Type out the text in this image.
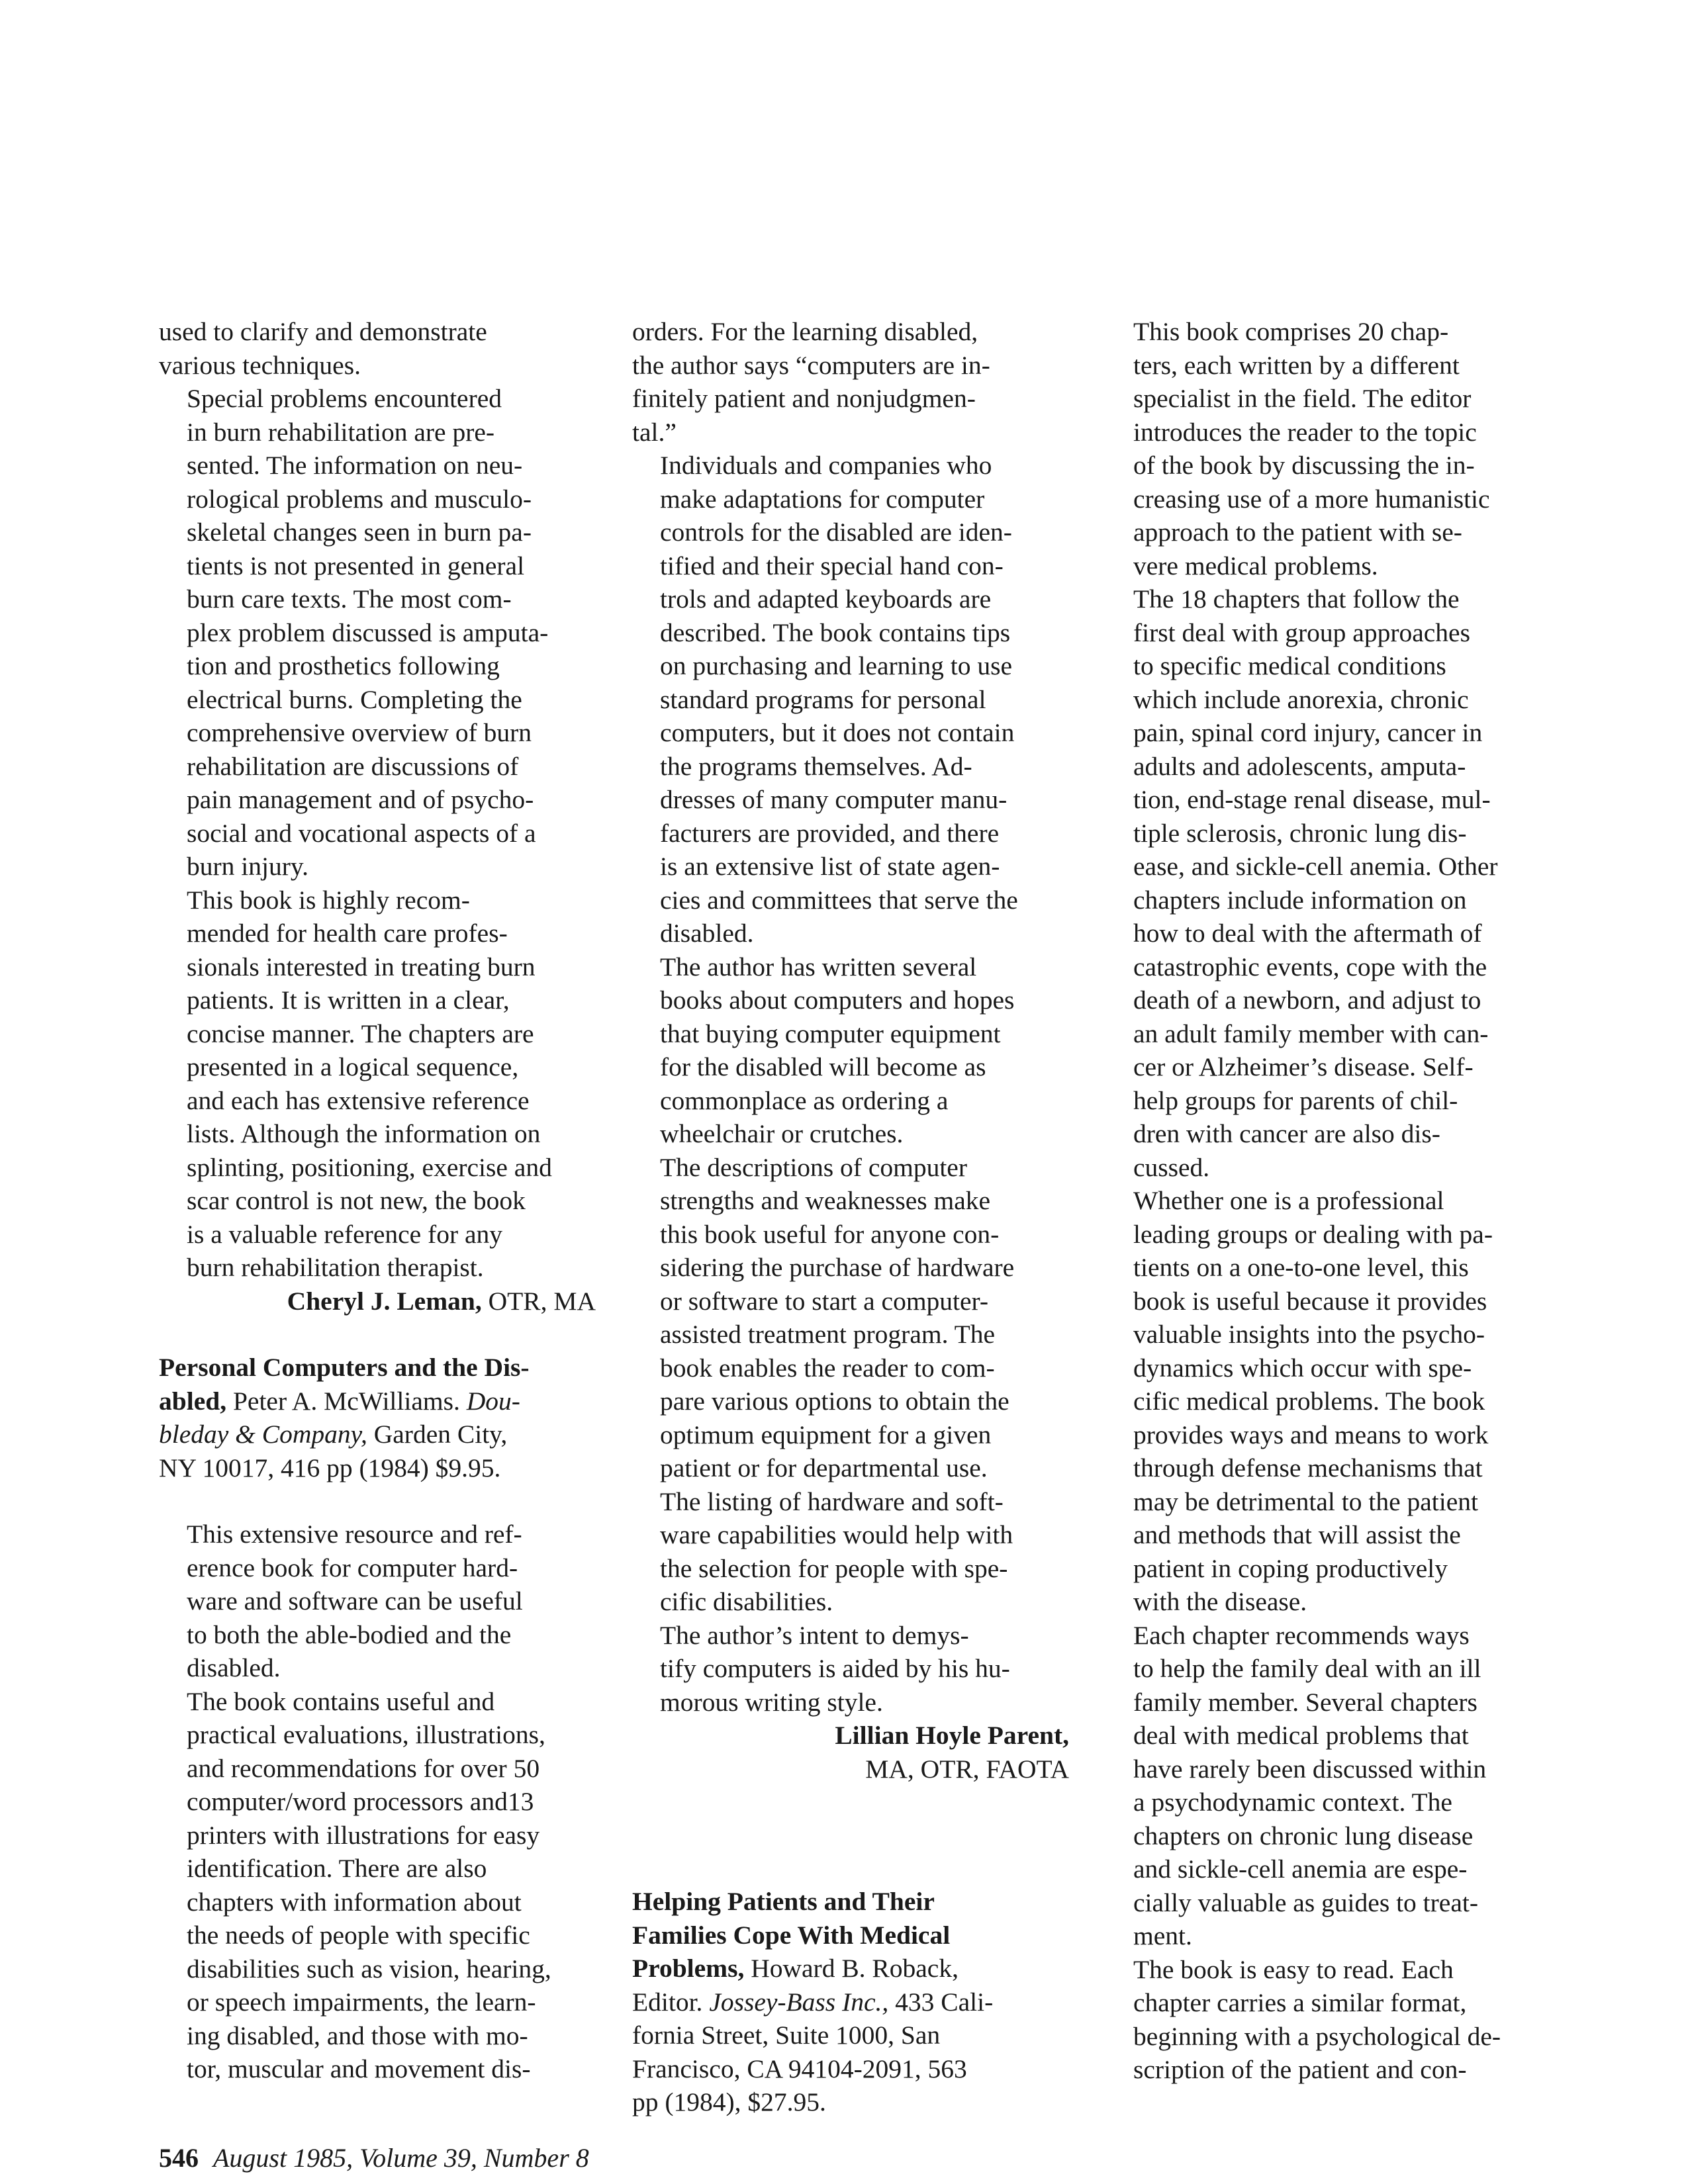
used to clarify and demonstrate
various techniques.

Special problems encountered
in burn rehabilitation are pre-
sented. The information on neu-
rological problems and musculo-
skeletal changes seen in burn pa-
tients is not presented in general
burn care texts. The most com-
plex problem discussed is amputa-
tion and prosthetics following
electrical burns. Completing the
comprehensive overview of burn
rehabilitation are discussions of
pain management and of psycho-
social and vocational aspects of a
burn injury.

This book is highly recom-
mended for health care profes-
sionals interested in treating burn
patients. It is written in a clear,
concise manner. The chapters are
presented in a logical sequence,
and each has extensive reference
lists. Although the information on
splinting, positioning, exercise and
scar control is not new, the book
is a valuable reference for any
burn rehabilitation therapist.

Cheryl J. Leman, OTR, MA
Personal Computers and the Dis-
abled, Peter A. McWilliams. Dou-
bleday & Company, Garden City,
NY 10017, 416 pp (1984) $9.95.

This extensive resource and ref-
erence book for computer hard-
ware and software can be useful
to both the able-bodied and the
disabled.

The book contains useful and
practical evaluations, illustrations,
and recommendations for over 50
computer/word processors and13
printers with illustrations for easy
identification. There are also
chapters with information about
the needs of people with specific
disabilities such as vision, hearing,
or speech impairments, the learn-
ing disabled, and those with mo-
tor, muscular and movement dis-

orders. For the learning disabled,
the author says “computers are in-
finitely patient and nonjudgmen-
tal.”

Individuals and companies who
make adaptations for computer
controls for the disabled are iden-
tified and their special hand con-
trols and adapted keyboards are
described. The book contains tips
on purchasing and learning to use
standard programs for personal
computers, but it does not contain
the programs themselves. Ad-
dresses of many computer manu-
facturers are provided, and there
is an extensive list of state agen-
cies and committees that serve the
disabled.

The author has written several
books about computers and hopes
that buying computer equipment
for the disabled will become as
commonplace as ordering a
wheelchair or crutches.

The descriptions of computer
strengths and weaknesses make
this book useful for anyone con-
sidering the purchase of hardware
or software to start a computer-
assisted treatment program. The
book enables the reader to com-
pare various options to obtain the
optimum equipment for a given
patient or for departmental use.
The listing of hardware and soft-
ware capabilities would help with
the selection for people with spe-
cific disabilities.

The author’s intent to demys-
tify computers is aided by his hu-
morous writing style.

Lillian Hoyle Parent,
MA, OTR, FAOTA
Helping Patients and Their
Families Cope With Medical
Problems, Howard B. Roback,
Editor. Jossey-Bass Inc., 433 Cali-
fornia Street, Suite 1000, San
Francisco, CA 94104-2091, 563
pp (1984), $27.95.

This book comprises 20 chap-
ters, each written by a different
specialist in the field. The editor
introduces the reader to the topic
of the book by discussing the in-
creasing use of a more humanistic
approach to the patient with se-
vere medical problems.

The 18 chapters that follow the
first deal with group approaches
to specific medical conditions
which include anorexia, chronic
pain, spinal cord injury, cancer in
adults and adolescents, amputa-
tion, end-stage renal disease, mul-
tiple sclerosis, chronic lung dis-
ease, and sickle-cell anemia. Other
chapters include information on
how to deal with the aftermath of
catastrophic events, cope with the
death of a newborn, and adjust to
an adult family member with can-
cer or Alzheimer’s disease. Self-
help groups for parents of chil-
dren with cancer are also dis-
cussed.

Whether one is a professional
leading groups or dealing with pa-
tients on a one-to-one level, this
book is useful because it provides
valuable insights into the psycho-
dynamics which occur with spe-
cific medical problems. The book
provides ways and means to work
through defense mechanisms that
may be detrimental to the patient
and methods that will assist the
patient in coping productively
with the disease.

Each chapter recommends ways
to help the family deal with an ill
family member. Several chapters
deal with medical problems that
have rarely been discussed within
a psychodynamic context. The
chapters on chronic lung disease
and sickle-cell anemia are espe-
cially valuable as guides to treat-
ment.

The book is easy to read. Each
chapter carries a similar format,
beginning with a psychological de-
scription of the patient and con-

546 August 1985, Volume 39, Number 8
